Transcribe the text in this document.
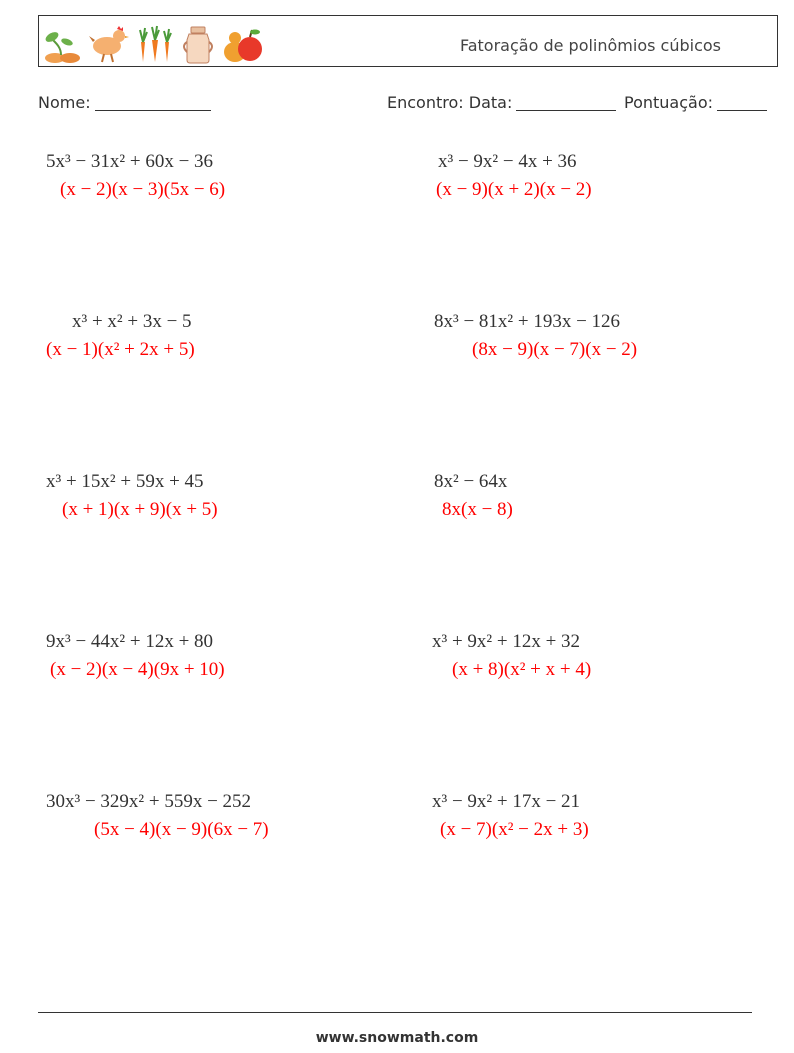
Fatoração de polinômios cúbicos
Nome:	Encontro: Data:	Pontuação:
5x³ − 31x² + 60x − 36
(x − 2)(x − 3)(5x − 6)
x³ − 9x² − 4x + 36
(x − 9)(x + 2)(x − 2)
x³ + x² + 3x − 5
(x − 1)(x² + 2x + 5)
8x³ − 81x² + 193x − 126
(8x − 9)(x − 7)(x − 2)
x³ + 15x² + 59x + 45
(x + 1)(x + 9)(x + 5)
8x² − 64x
8x(x − 8)
9x³ − 44x² + 12x + 80
(x − 2)(x − 4)(9x + 10)
x³ + 9x² + 12x + 32
(x + 8)(x² + x + 4)
30x³ − 329x² + 559x − 252
(5x − 4)(x − 9)(6x − 7)
x³ − 9x² + 17x − 21
(x − 7)(x² − 2x + 3)
www.snowmath.com
